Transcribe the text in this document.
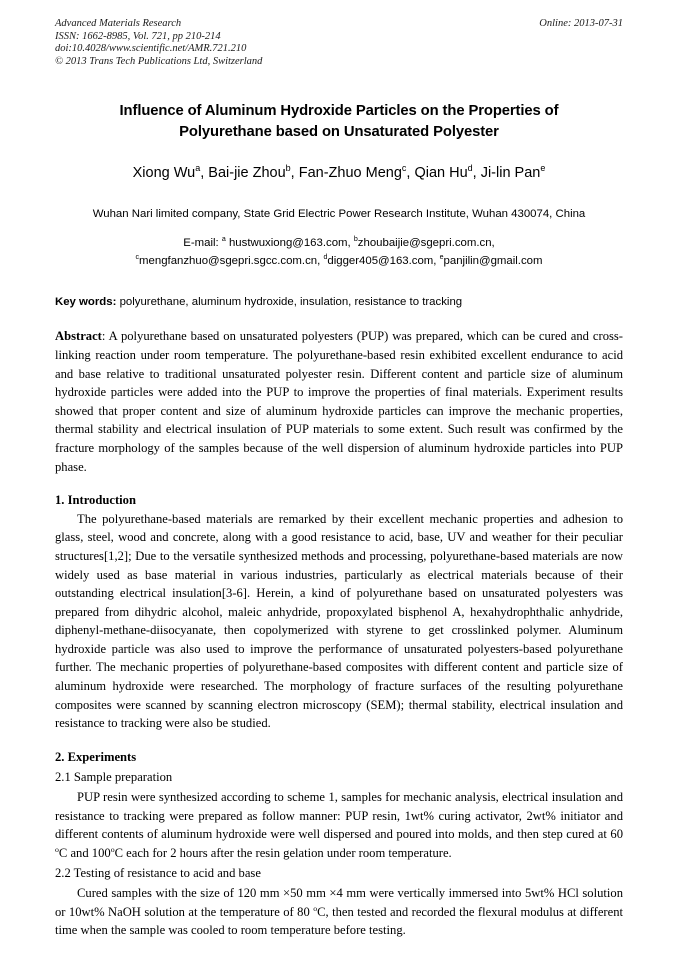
Online: 2013-07-31
Advanced Materials Research
ISSN: 1662-8985, Vol. 721, pp 210-214
doi:10.4028/www.scientific.net/AMR.721.210
© 2013 Trans Tech Publications Ltd, Switzerland
Influence of Aluminum Hydroxide Particles on the Properties of Polyurethane based on Unsaturated Polyester
Xiong Wu$^a$, Bai-jie Zhou$^b$, Fan-Zhuo Meng$^c$, Qian Hu$^d$, Ji-lin Pan$^e$
Wuhan Nari limited company, State Grid Electric Power Research Institute, Wuhan 430074, China
E-mail: $^a$ hustwuxiong@163.com, $^b$zhoubaijie@sgepri.com.cn,
$^c$mengfanzhuo@sgepri.sgcc.com.cn, $^d$digger405@163.com, $^e$panjilin@gmail.com
Key words: polyurethane, aluminum hydroxide, insulation, resistance to tracking
Abstract: A polyurethane based on unsaturated polyesters (PUP) was prepared, which can be cured and cross-linking reaction under room temperature. The polyurethane-based resin exhibited excellent endurance to acid and base relative to traditional unsaturated polyester resin. Different content and particle size of aluminum hydroxide particles were added into the PUP to improve the properties of final materials. Experiment results showed that proper content and size of aluminum hydroxide particles can improve the mechanic properties, thermal stability and electrical insulation of PUP materials to some extent. Such result was confirmed by the fracture morphology of the samples because of the well dispersion of aluminum hydroxide particles into PUP phase.
1. Introduction

The polyurethane-based materials are remarked by their excellent mechanic properties and adhesion to glass, steel, wood and concrete, along with a good resistance to acid, base, UV and weather for their peculiar structures[1,2]; Due to the versatile synthesized methods and processing, polyurethane-based materials are now widely used as base material in various industries, particularly as electrical materials because of their outstanding electrical insulation[3-6]. Herein, a kind of polyurethane based on unsaturated polyesters was prepared from dihydric alcohol, maleic anhydride, propoxylated bisphenol A, hexahydrophthalic anhydride, diphenyl-methane-diisocyanate, then copolymerized with styrene to get crosslinked polymer. Aluminum hydroxide particle was also used to improve the performance of unsaturated polyesters-based polyurethane further. The mechanic properties of polyurethane-based composites with different content and particle size of aluminum hydroxide were researched. The morphology of fracture surfaces of the resulting polyurethane composites were scanned by scanning electron microscopy (SEM); thermal stability, electrical insulation and resistance to tracking were also be studied.

2. Experiments
2.1 Sample preparation

PUP resin were synthesized according to scheme 1, samples for mechanic analysis, electrical insulation and resistance to tracking were prepared as follow manner: PUP resin, 1wt% curing activator, 2wt% initiator and different contents of aluminum hydroxide were well dispersed and poured into molds, and then step cured at 60 $^o$C and 100$^o$C each for 2 hours after the resin gelation under room temperature.

2.2 Testing of resistance to acid and base

Cured samples with the size of 120 mm ×50 mm ×4 mm were vertically immersed into 5wt% HCl solution or 10wt% NaOH solution at the temperature of 80 $^o$C, then tested and recorded the flexural modulus at different time when the sample was cooled to room temperature before testing.
